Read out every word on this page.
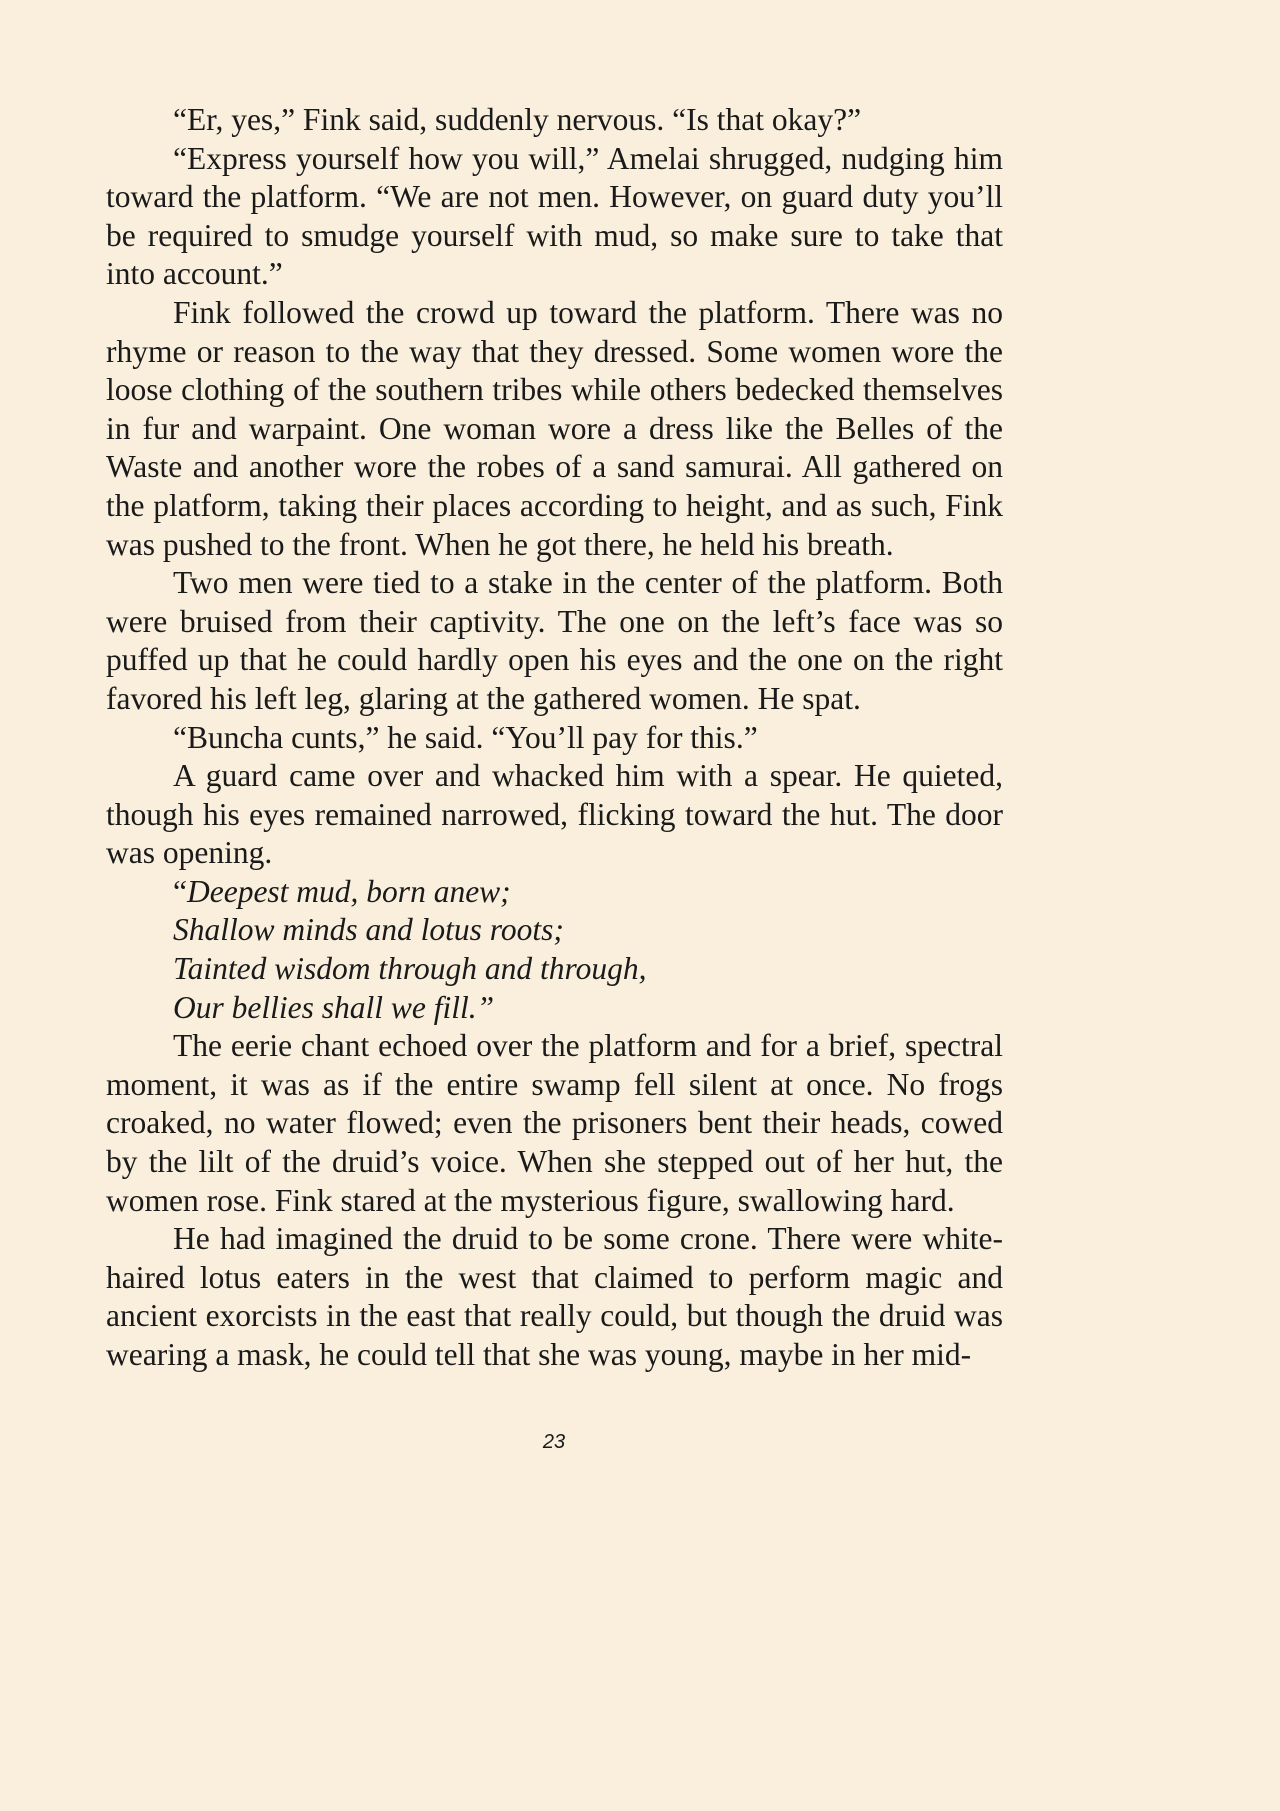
“Er, yes,” Fink said, suddenly nervous. “Is that okay?”

“Express yourself how you will,” Amelai shrugged, nudging him toward the platform. “We are not men. However, on guard duty you’ll be required to smudge yourself with mud, so make sure to take that into account.”

Fink followed the crowd up toward the platform. There was no rhyme or reason to the way that they dressed. Some women wore the loose clothing of the southern tribes while others bedecked themselves in fur and warpaint. One woman wore a dress like the Belles of the Waste and another wore the robes of a sand samurai. All gathered on the platform, taking their places according to height, and as such, Fink was pushed to the front. When he got there, he held his breath.

Two men were tied to a stake in the center of the platform. Both were bruised from their captivity. The one on the left’s face was so puffed up that he could hardly open his eyes and the one on the right favored his left leg, glaring at the gathered women. He spat.

“Buncha cunts,” he said. “You’ll pay for this.”

A guard came over and whacked him with a spear. He quieted, though his eyes remained narrowed, flicking toward the hut. The door was opening.

“Deepest mud, born anew;

Shallow minds and lotus roots;

Tainted wisdom through and through,

Our bellies shall we fill.”

The eerie chant echoed over the platform and for a brief, spectral moment, it was as if the entire swamp fell silent at once. No frogs croaked, no water flowed; even the prisoners bent their heads, cowed by the lilt of the druid’s voice. When she stepped out of her hut, the women rose. Fink stared at the mysterious figure, swallowing hard.

He had imagined the druid to be some crone. There were white-haired lotus eaters in the west that claimed to perform magic and ancient exorcists in the east that really could, but though the druid was wearing a mask, he could tell that she was young, maybe in her mid-

23
